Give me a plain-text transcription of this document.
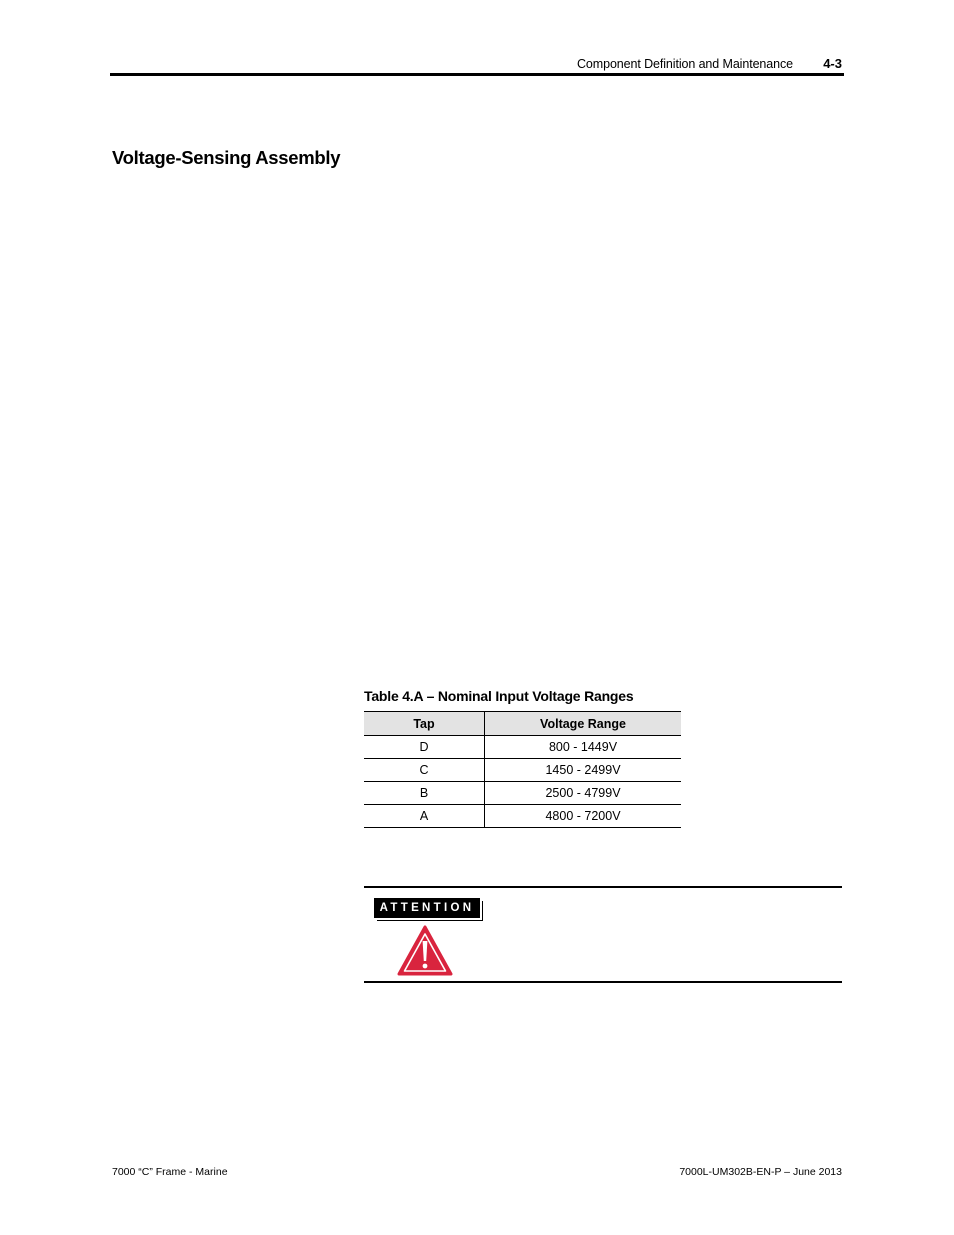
Component Definition and Maintenance 4-3
Voltage-Sensing Assembly
Table 4.A – Nominal Input Voltage Ranges
Tap	Voltage Range
D	800 - 1449V
C	1450 - 2499V
B	2500 - 4799V
A	4800 - 7200V
ATTENTION
7000 “C” Frame - Marine	7000L-UM302B-EN-P – June 2013
